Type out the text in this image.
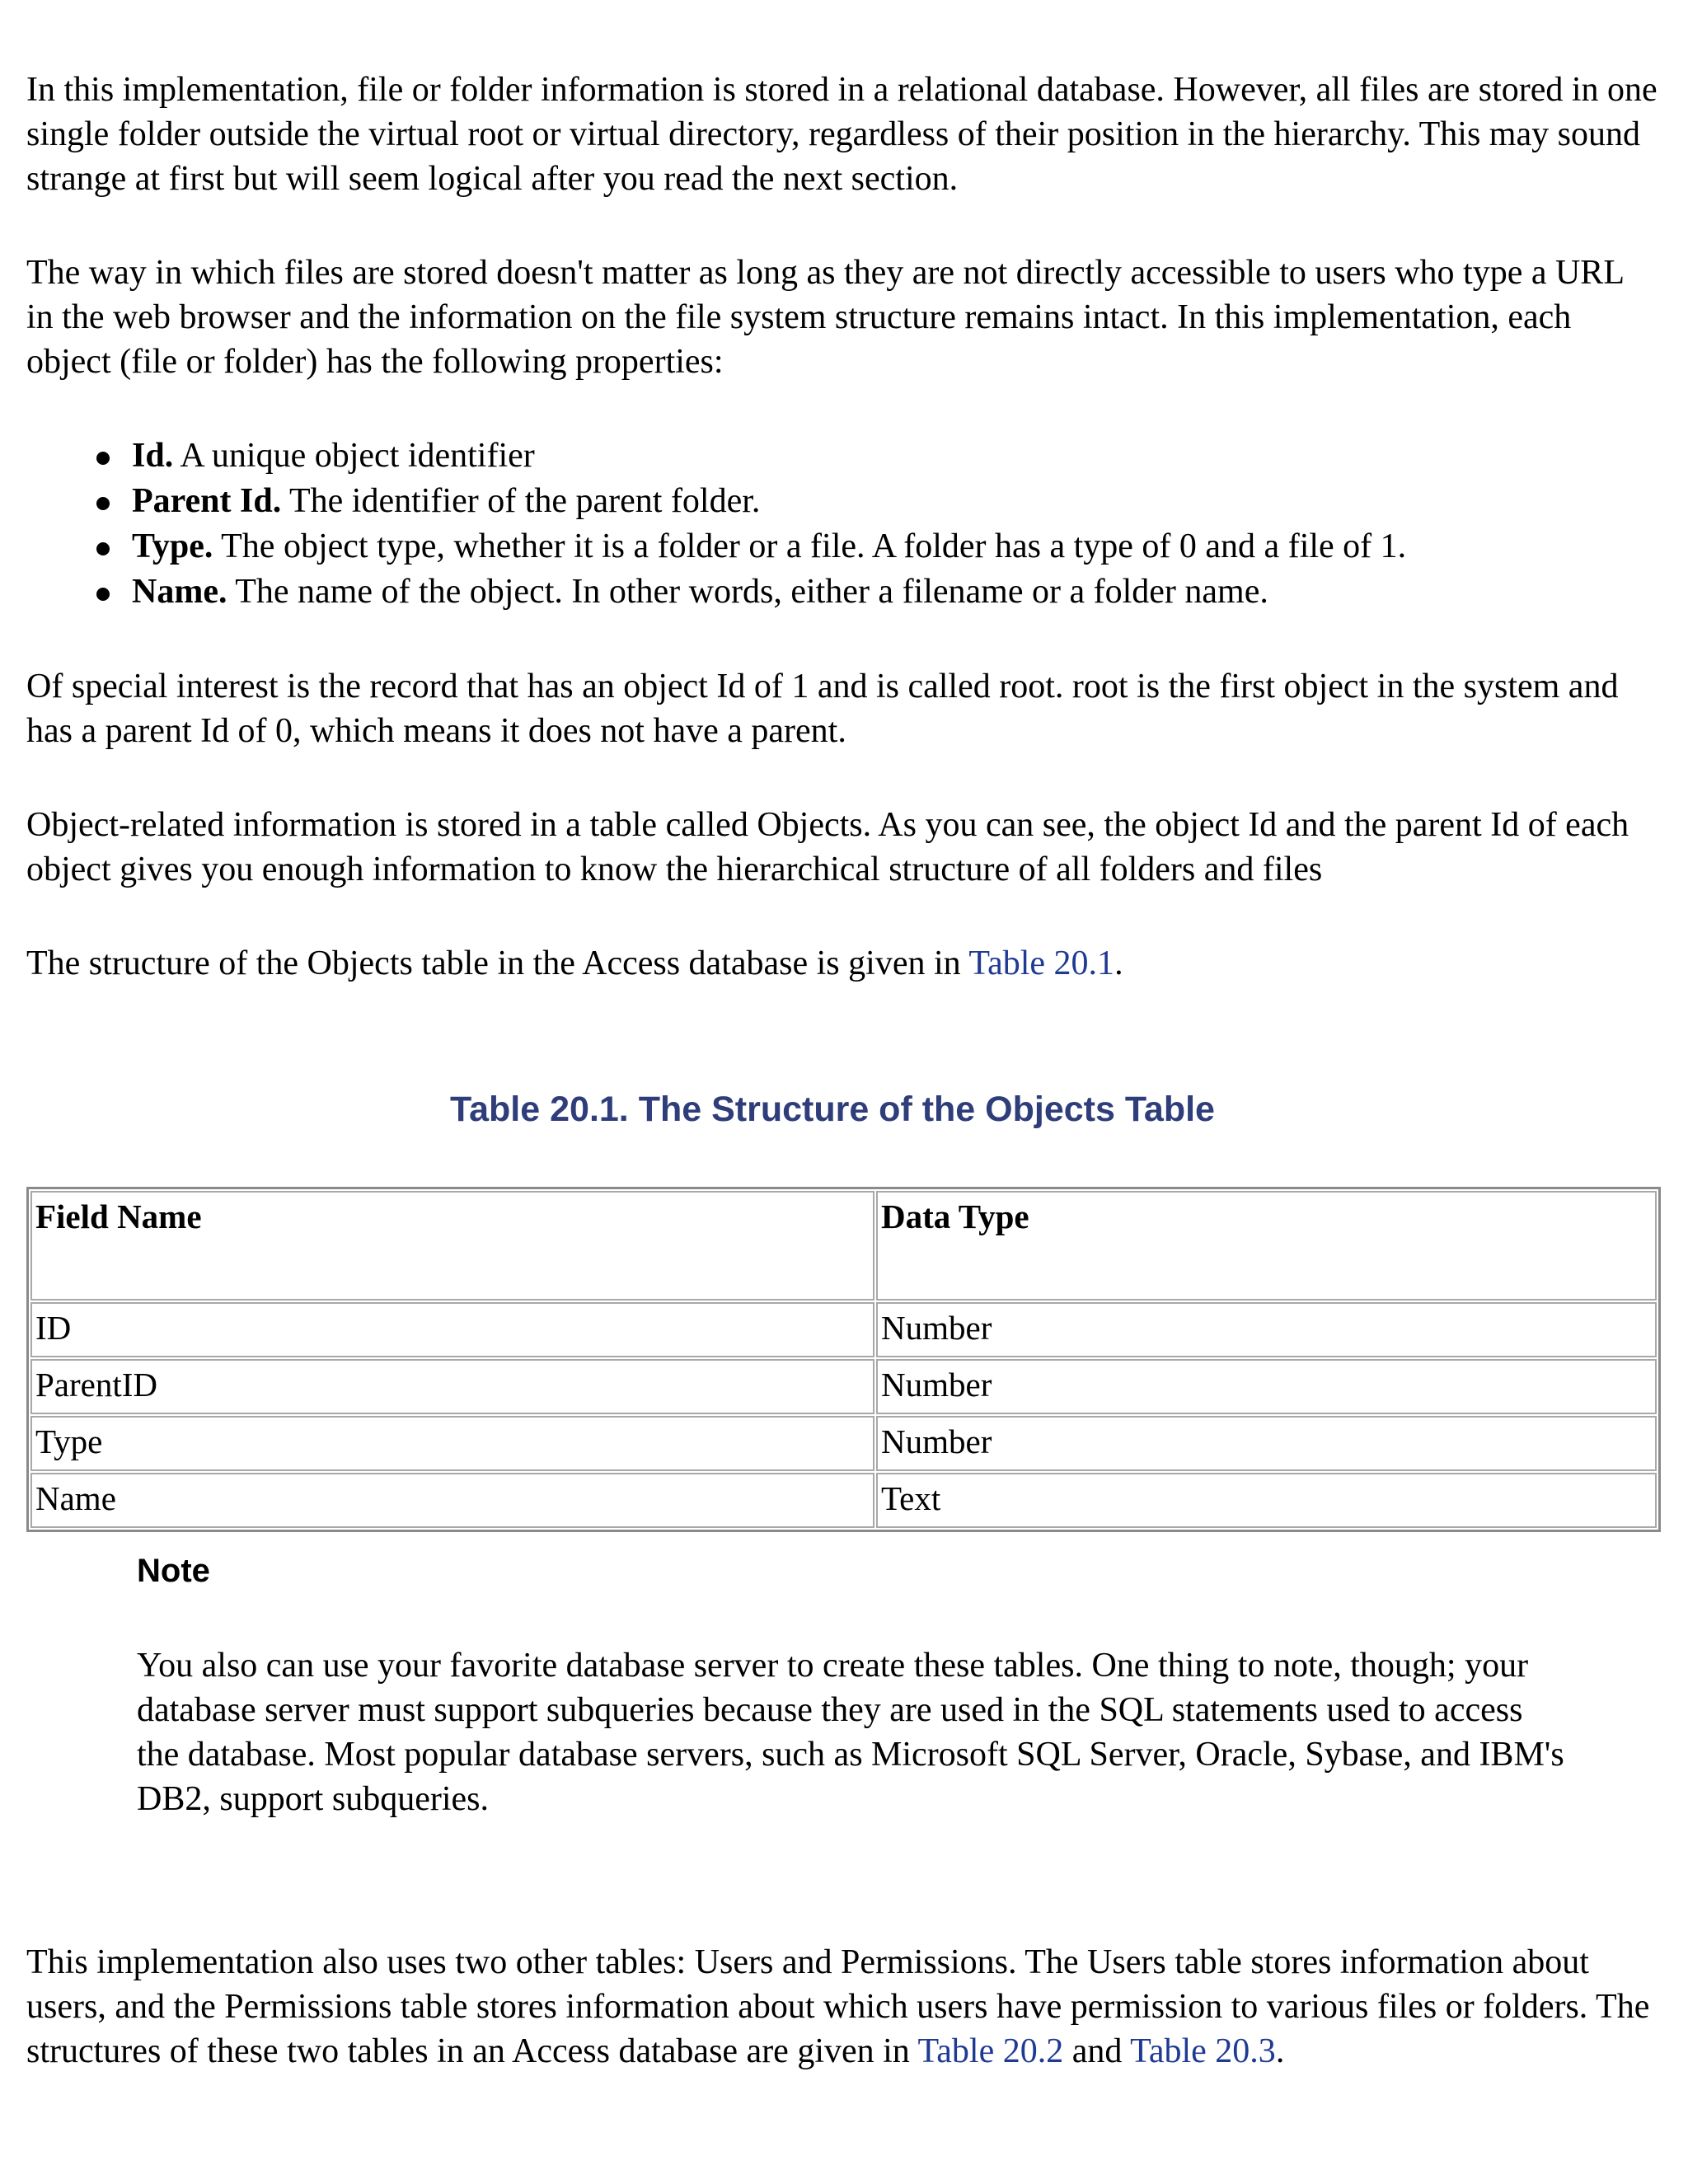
In this implementation, file or folder information is stored in a relational database. However, all files are stored in one single folder outside the virtual root or virtual directory, regardless of their position in the hierarchy. This may sound strange at first but will seem logical after you read the next section.

The way in which files are stored doesn't matter as long as they are not directly accessible to users who type a URL in the web browser and the information on the file system structure remains intact. In this implementation, each object (file or folder) has the following properties:

Id. A unique object identifier
Parent Id. The identifier of the parent folder.
Type. The object type, whether it is a folder or a file. A folder has a type of 0 and a file of 1.
Name. The name of the object. In other words, either a filename or a folder name.

Of special interest is the record that has an object Id of 1 and is called root. root is the first object in the system and has a parent Id of 0, which means it does not have a parent.

Object-related information is stored in a table called Objects. As you can see, the object Id and the parent Id of each object gives you enough information to know the hierarchical structure of all folders and files

The structure of the Objects table in the Access database is given in Table 20.1.

Table 20.1. The Structure of the Objects Table
Field Name	Data Type
ID	Number
ParentID	Number
Type	Number
Name	Text
Note

You also can use your favorite database server to create these tables. One thing to note, though; your database server must support subqueries because they are used in the SQL statements used to access the database. Most popular database servers, such as Microsoft SQL Server, Oracle, Sybase, and IBM's DB2, support subqueries.

This implementation also uses two other tables: Users and Permissions. The Users table stores information about users, and the Permissions table stores information about which users have permission to various files or folders. The structures of these two tables in an Access database are given in Table 20.2 and Table 20.3.
